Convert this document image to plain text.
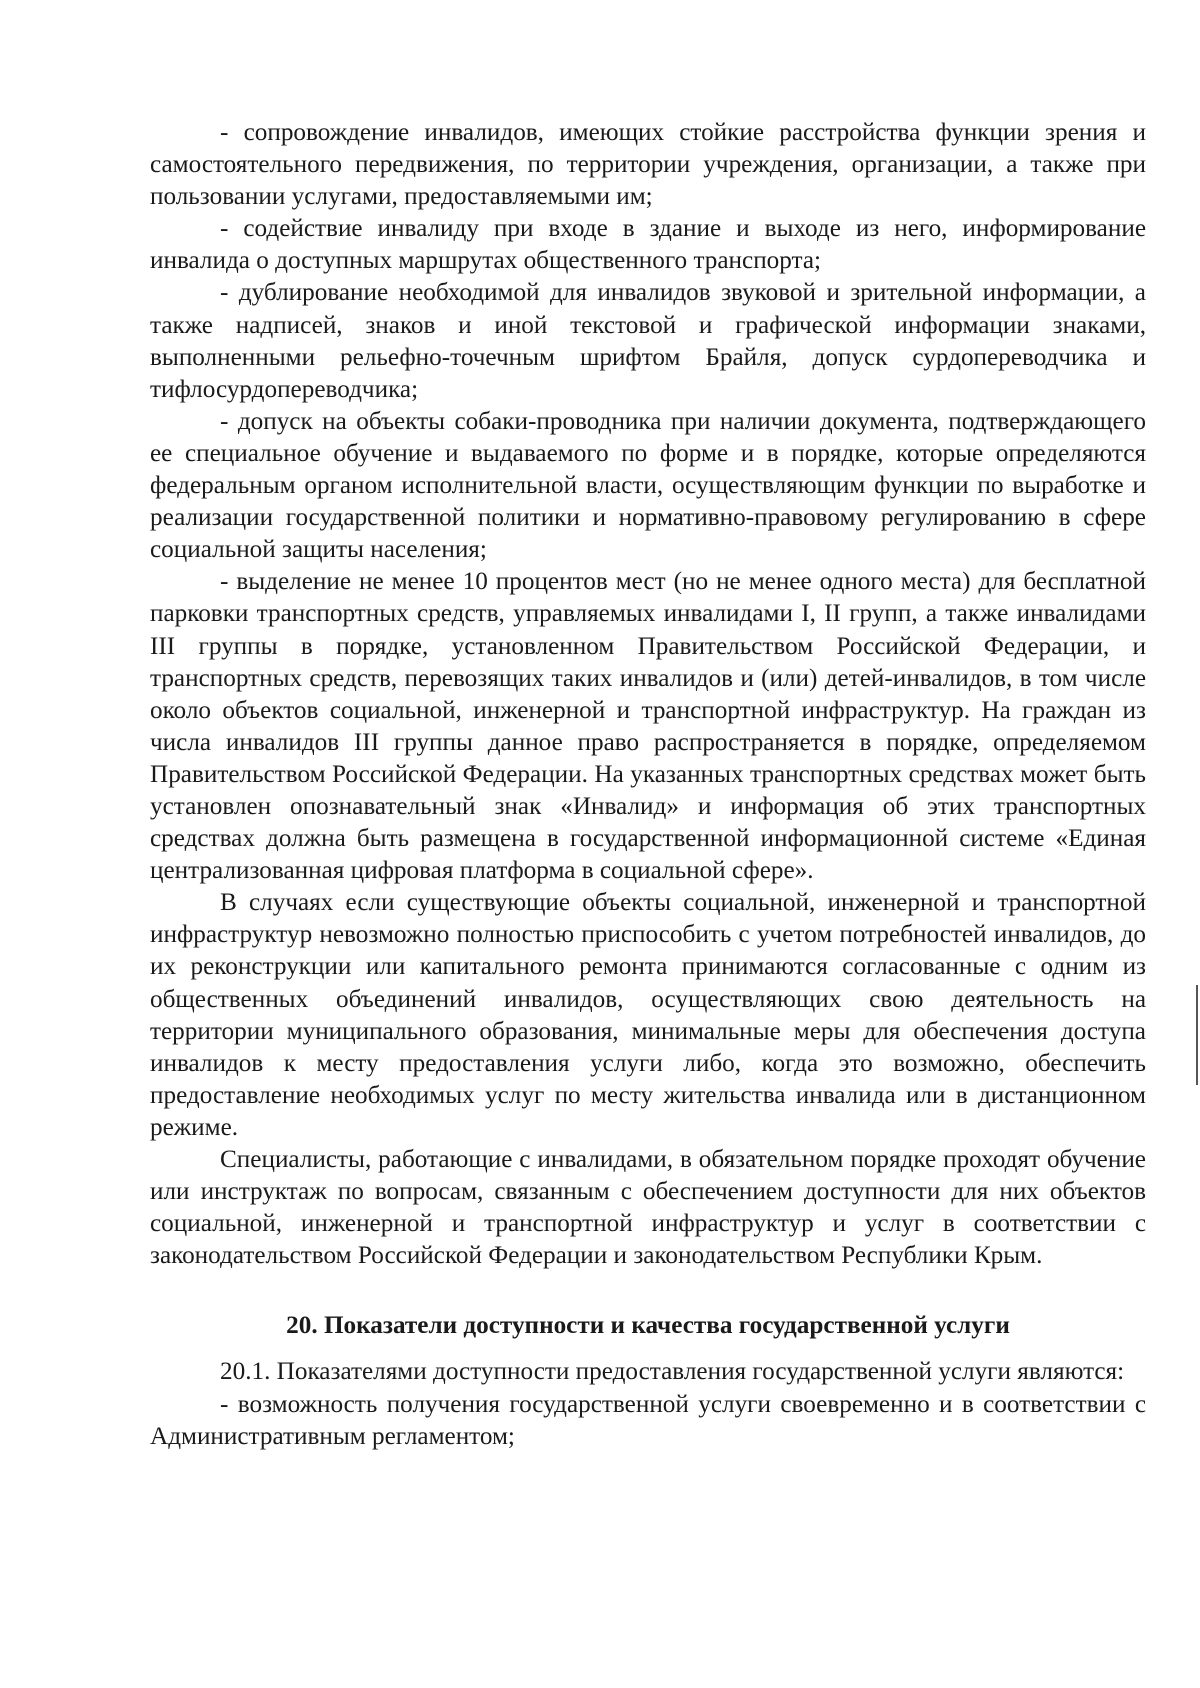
- сопровождение инвалидов, имеющих стойкие расстройства функции зрения и самостоятельного передвижения, по территории учреждения, организации, а также при пользовании услугами, предоставляемыми им;

- содействие инвалиду при входе в здание и выходе из него, информирование инвалида о доступных маршрутах общественного транспорта;

- дублирование необходимой для инвалидов звуковой и зрительной информации, а также надписей, знаков и иной текстовой и графической информации знаками, выполненными рельефно-точечным шрифтом Брайля, допуск сурдопереводчика и тифлосурдопереводчика;

- допуск на объекты собаки-проводника при наличии документа, подтверждающего ее специальное обучение и выдаваемого по форме и в порядке, которые определяются федеральным органом исполнительной власти, осуществляющим функции по выработке и реализации государственной политики и нормативно-правовому регулированию в сфере социальной защиты населения;

- выделение не менее 10 процентов мест (но не менее одного места) для бесплатной парковки транспортных средств, управляемых инвалидами I, II групп, а также инвалидами III группы в порядке, установленном Правительством Российской Федерации, и транспортных средств, перевозящих таких инвалидов и (или) детей-инвалидов, в том числе около объектов социальной, инженерной и транспортной инфраструктур. На граждан из числа инвалидов III группы данное право распространяется в порядке, определяемом Правительством Российской Федерации. На указанных транспортных средствах может быть установлен опознавательный знак «Инвалид» и информация об этих транспортных средствах должна быть размещена в государственной информационной системе «Единая централизованная цифровая платформа в социальной сфере».

В случаях если существующие объекты социальной, инженерной и транспортной инфраструктур невозможно полностью приспособить с учетом потребностей инвалидов, до их реконструкции или капитального ремонта принимаются согласованные с одним из общественных объединений инвалидов, осуществляющих свою деятельность на территории муниципального образования, минимальные меры для обеспечения доступа инвалидов к месту предоставления услуги либо, когда это возможно, обеспечить предоставление необходимых услуг по месту жительства инвалида или в дистанционном режиме.

Специалисты, работающие с инвалидами, в обязательном порядке проходят обучение или инструктаж по вопросам, связанным с обеспечением доступности для них объектов социальной, инженерной и транспортной инфраструктур и услуг в соответствии с законодательством Российской Федерации и законодательством Республики Крым.

20. Показатели доступности и качества государственной услуги

20.1. Показателями доступности предоставления государственной услуги являются:

- возможность получения государственной услуги своевременно и в соответствии с Административным регламентом;
